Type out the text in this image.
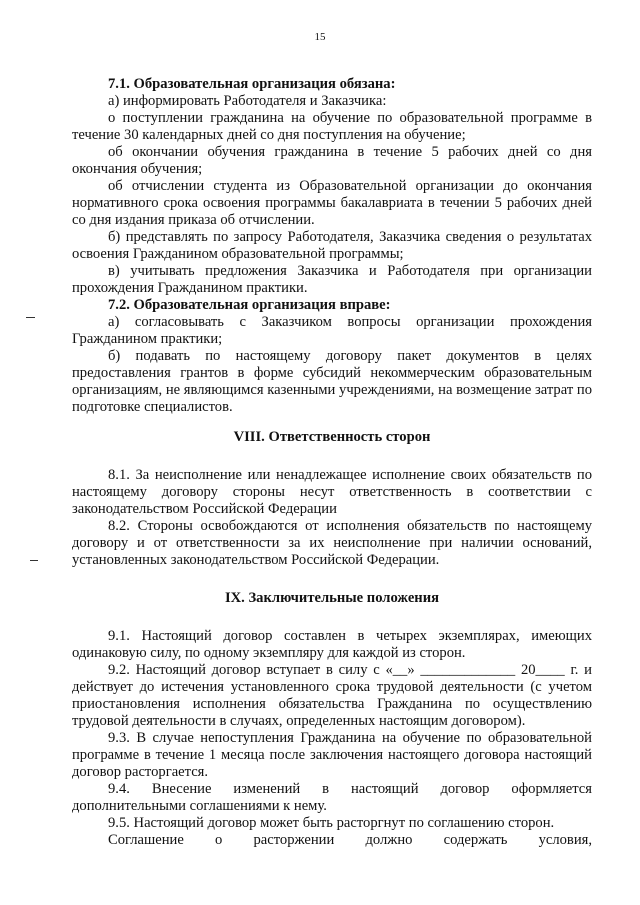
15

7.1. Образовательная организация обязана:

а) информировать Работодателя и Заказчика:

о поступлении гражданина на обучение по образовательной программе в течение 30 календарных дней со дня поступления на обучение;

об окончании обучения гражданина в течение 5 рабочих дней со дня окончания обучения;

об отчислении студента из Образовательной организации до окончания нормативного срока освоения программы бакалавриата в течении 5 рабочих дней со дня издания приказа об отчислении.

б) представлять по запросу Работодателя, Заказчика сведения о результатах освоения Гражданином образовательной программы;

в) учитывать предложения Заказчика и Работодателя при организации прохождения Гражданином практики.

7.2. Образовательная организация вправе:

а) согласовывать с Заказчиком вопросы организации прохождения Гражданином практики;

б) подавать по настоящему договору пакет документов в целях предоставления грантов в форме субсидий некоммерческим образовательным организациям, не являющимся казенными учреждениями, на возмещение затрат по подготовке специалистов.

VIII. Ответственность сторон

8.1. За неисполнение или ненадлежащее исполнение своих обязательств по настоящему договору стороны несут ответственность в соответствии с законодательством Российской Федерации

8.2. Стороны освобождаются от исполнения обязательств по настоящему договору и от ответственности за их неисполнение при наличии оснований, установленных законодательством Российской Федерации.

IX. Заключительные положения

9.1. Настоящий договор составлен в четырех экземплярах, имеющих одинаковую силу, по одному экземпляру для каждой из сторон.

9.2. Настоящий договор вступает в силу с «__» _____________ 20____ г. и действует до истечения установленного срока трудовой деятельности (с учетом приостановления исполнения обязательства Гражданина по осуществлению трудовой деятельности в случаях, определенных настоящим договором).

9.3. В случае непоступления Гражданина на обучение по образовательной программе в течение 1 месяца после заключения настоящего договора настоящий договор расторгается.

9.4. Внесение изменений в настоящий договор оформляется дополнительными соглашениями к нему.

9.5. Настоящий договор может быть расторгнут по соглашению сторон.

Соглашение о расторжении должно содержать условия,
